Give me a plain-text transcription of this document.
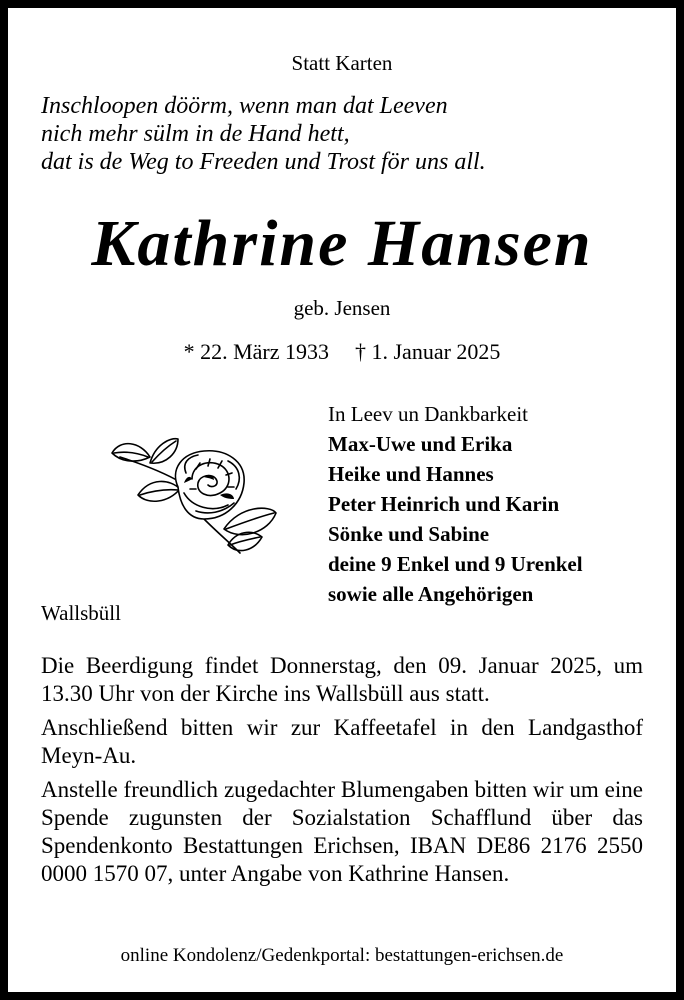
Statt Karten
Inschloopen döörm, wenn man dat Leeven
nich mehr sülm in de Hand hett,
dat is de Weg to Freeden und Trost för uns all.
Kathrine Hansen
geb. Jensen
* 22. März 1933 † 1. Januar 2025
In Leev un Dankbarkeit
Max-Uwe und Erika
Heike und Hannes
Peter Heinrich und Karin
Sönke und Sabine
deine 9 Enkel und 9 Urenkel
sowie alle Angehörigen
Wallsbüll

Die Beerdigung findet Donnerstag, den 09. Januar 2025, um 13.30 Uhr von der Kirche ins Wallsbüll aus statt.

Anschließend bitten wir zur Kaffeetafel in den Landgasthof Meyn-Au.

Anstelle freundlich zugedachter Blumengaben bitten wir um eine Spende zugunsten der Sozialstation Schafflund über das Spendenkonto Bestattungen Erichsen, IBAN DE86 2176 2550 0000 1570 07, unter Angabe von Kathrine Hansen.

online Kondolenz/Gedenkportal: bestattungen-erichsen.de
